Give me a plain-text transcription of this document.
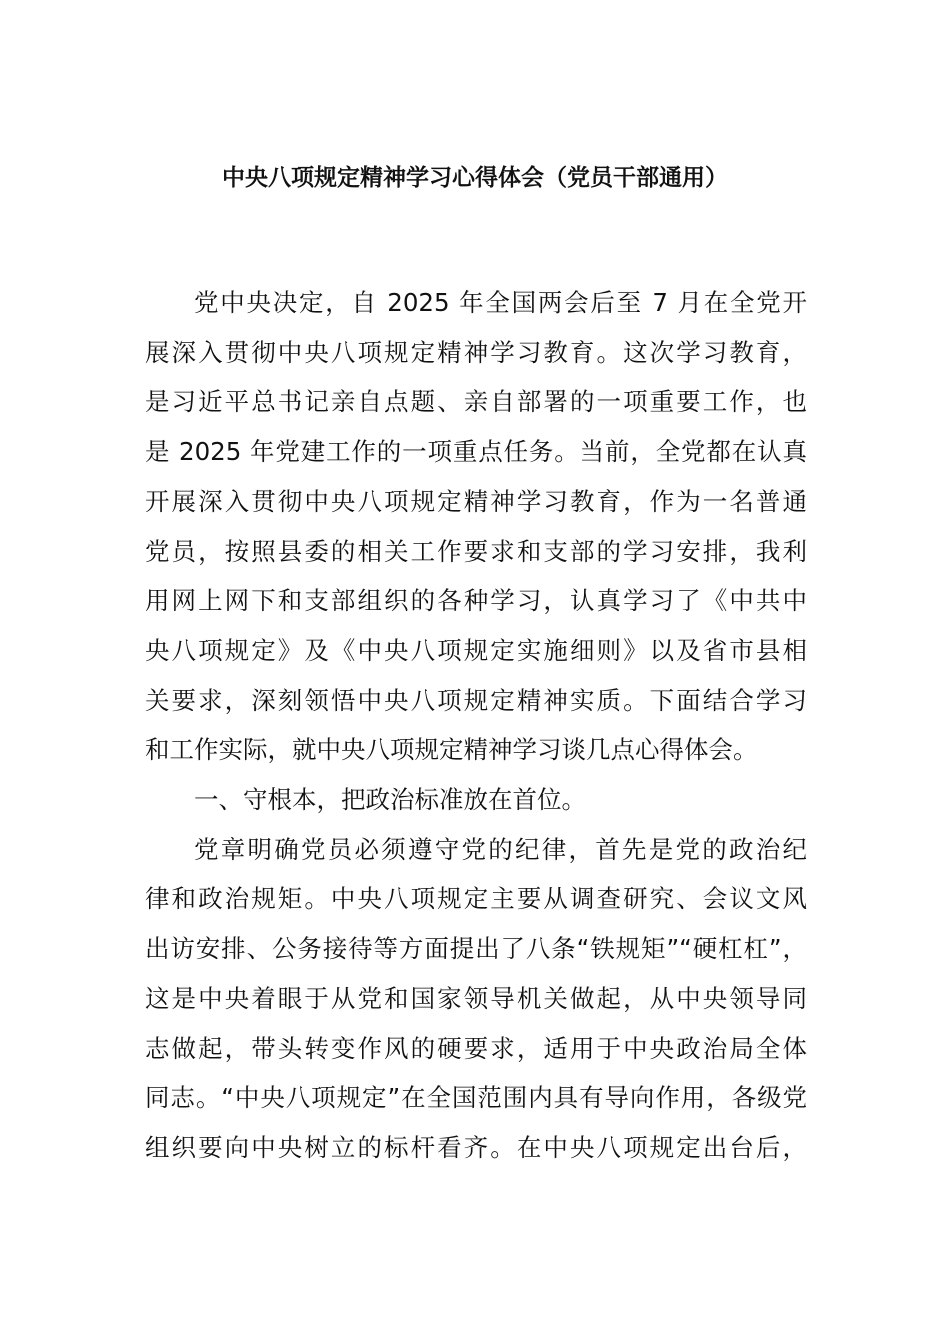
中央八项规定精神学习心得体会（党员干部通用）
党中央决定，自 2025 年全国两会后至 7 月在全党开
展深入贯彻中央八项规定精神学习教育。这次学习教育，
是习近平总书记亲自点题、亲自部署的一项重要工作，也
是 2025 年党建工作的一项重点任务。当前，全党都在认真
开展深入贯彻中央八项规定精神学习教育，作为一名普通
党员，按照县委的相关工作要求和支部的学习安排，我利
用网上网下和支部组织的各种学习，认真学习了《中共中
央八项规定》及《中央八项规定实施细则》以及省市县相
关要求，深刻领悟中央八项规定精神实质。下面结合学习
和工作实际，就中央八项规定精神学习谈几点心得体会。
一、守根本，把政治标准放在首位。
党章明确党员必须遵守党的纪律，首先是党的政治纪
律和政治规矩。中央八项规定主要从调查研究、会议文风
出访安排、公务接待等方面提出了八条“铁规矩”“硬杠杠”，
这是中央着眼于从党和国家领导机关做起，从中央领导同
志做起，带头转变作风的硬要求，适用于中央政治局全体
同志。“中央八项规定”在全国范围内具有导向作用，各级党
组织要向中央树立的标杆看齐。在中央八项规定出台后，
